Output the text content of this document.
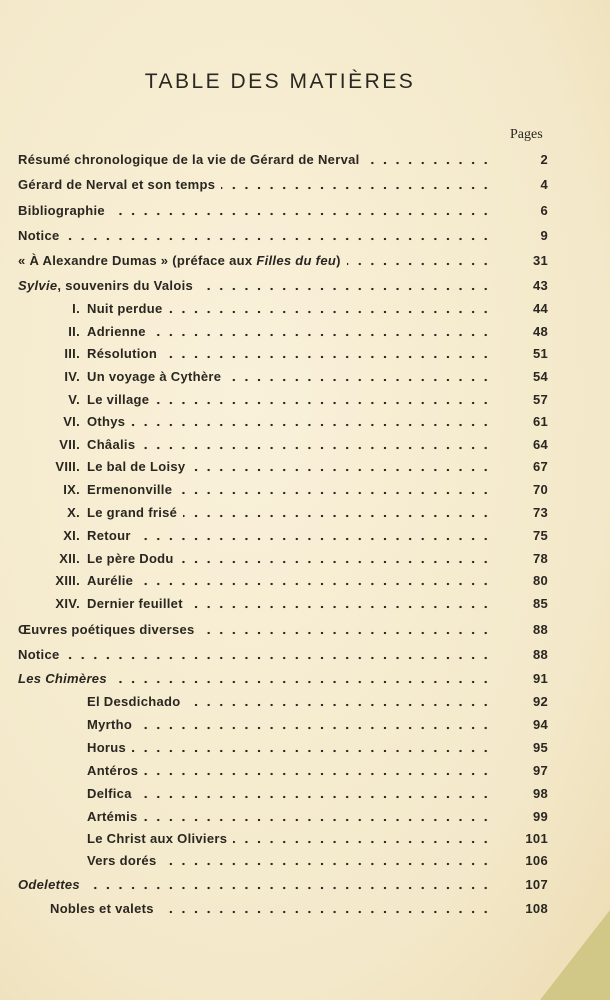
TABLE DES MATIÈRES
Pages
Résumé chronologique de la vie de Gérard de Nerval	2
Gérard de Nerval et son temps	4
Bibliographie	6
Notice	9
« À Alexandre Dumas » (préface aux Filles du feu)	31
Sylvie, souvenirs du Valois	43
I. Nuit perdue	44
II. Adrienne	48
III. Résolution	51
IV. Un voyage à Cythère	54
V. Le village	57
VI. Othys	61
VII. Châalis	64
VIII. Le bal de Loisy	67
IX. Ermenonville	70
X. Le grand frisé	73
XI. Retour	75
XII. Le père Dodu	78
XIII. Aurélie	80
XIV. Dernier feuillet	85
Œuvres poétiques diverses	88
Notice	88
Les Chimères	91
El Desdichado	92
Myrtho	94
Horus	95
Antéros	97
Delfica	98
Artémis	99
Le Christ aux Oliviers	101
Vers dorés	106
Odelettes	107
Nobles et valets	108
